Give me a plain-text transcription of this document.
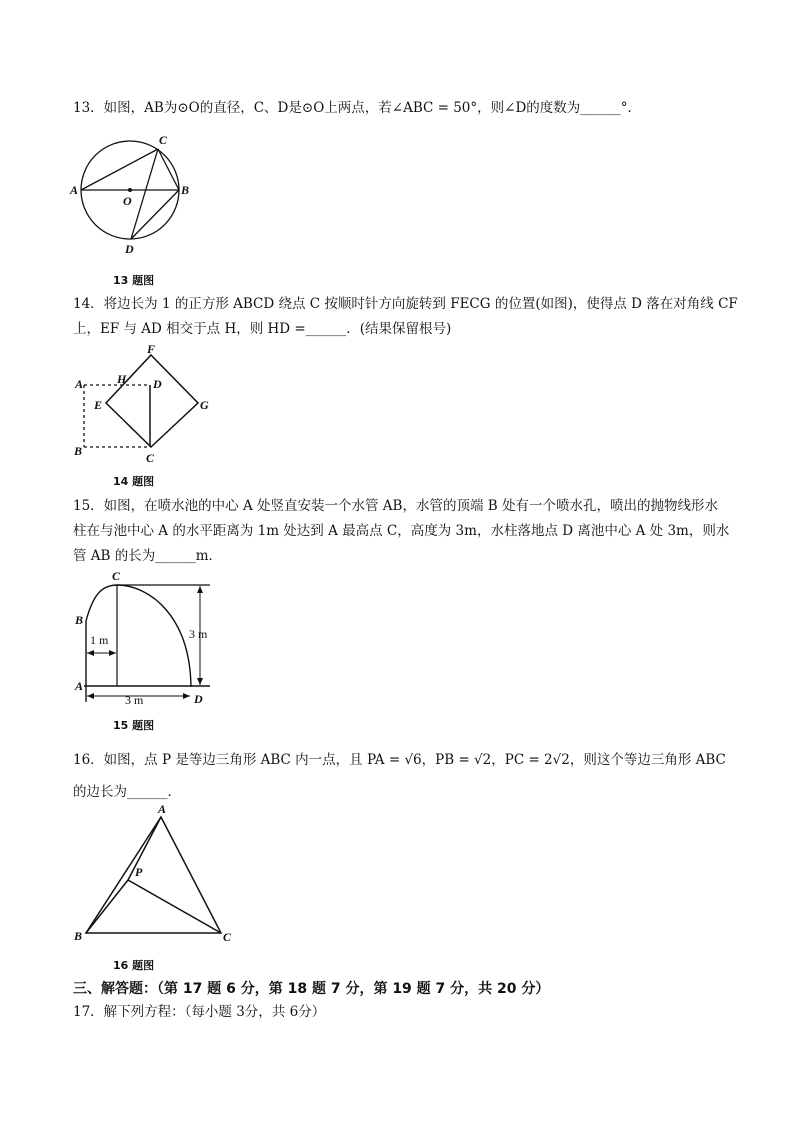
13．如图，AB为⊙O的直径，C、D是⊙O上两点，若∠ABC = 50°，则∠D的度数为______°．
A	B
C
D
O
13 题图
14．将边长为 1 的正方形 ABCD 绕点 C 按顺时针方向旋转到 FECG 的位置(如图)，使得点 D 落在对角线 CF
上，EF 与 AD 相交于点 H，则 HD =______．(结果保留根号)
A
B	C
D
E
F
G
H
14 题图
15．如图，在喷水池的中心 A 处竖直安装一个水管 AB，水管的顶端 B 处有一个喷水孔，喷出的抛物线形水
柱在与池中心 A 的水平距离为 1m 处达到 A 最高点 C，高度为 3m，水柱落地点 D 离池中心 A 处 3m，则水
管 AB 的长为______m．
A
B
C
D
1 m	3 m
3 m
15 题图
16．如图，点 P 是等边三角形 ABC 内一点，且 PA = √6，PB = √2，PC = 2√2，则这个等边三角形 ABC
的边长为______．
A
B	C
P
16 题图
三、解答题：（第 17 题 6 分，第 18 题 7 分，第 19 题 7 分，共 20 分）
17．解下列方程：（每小题 3分，共 6分）
